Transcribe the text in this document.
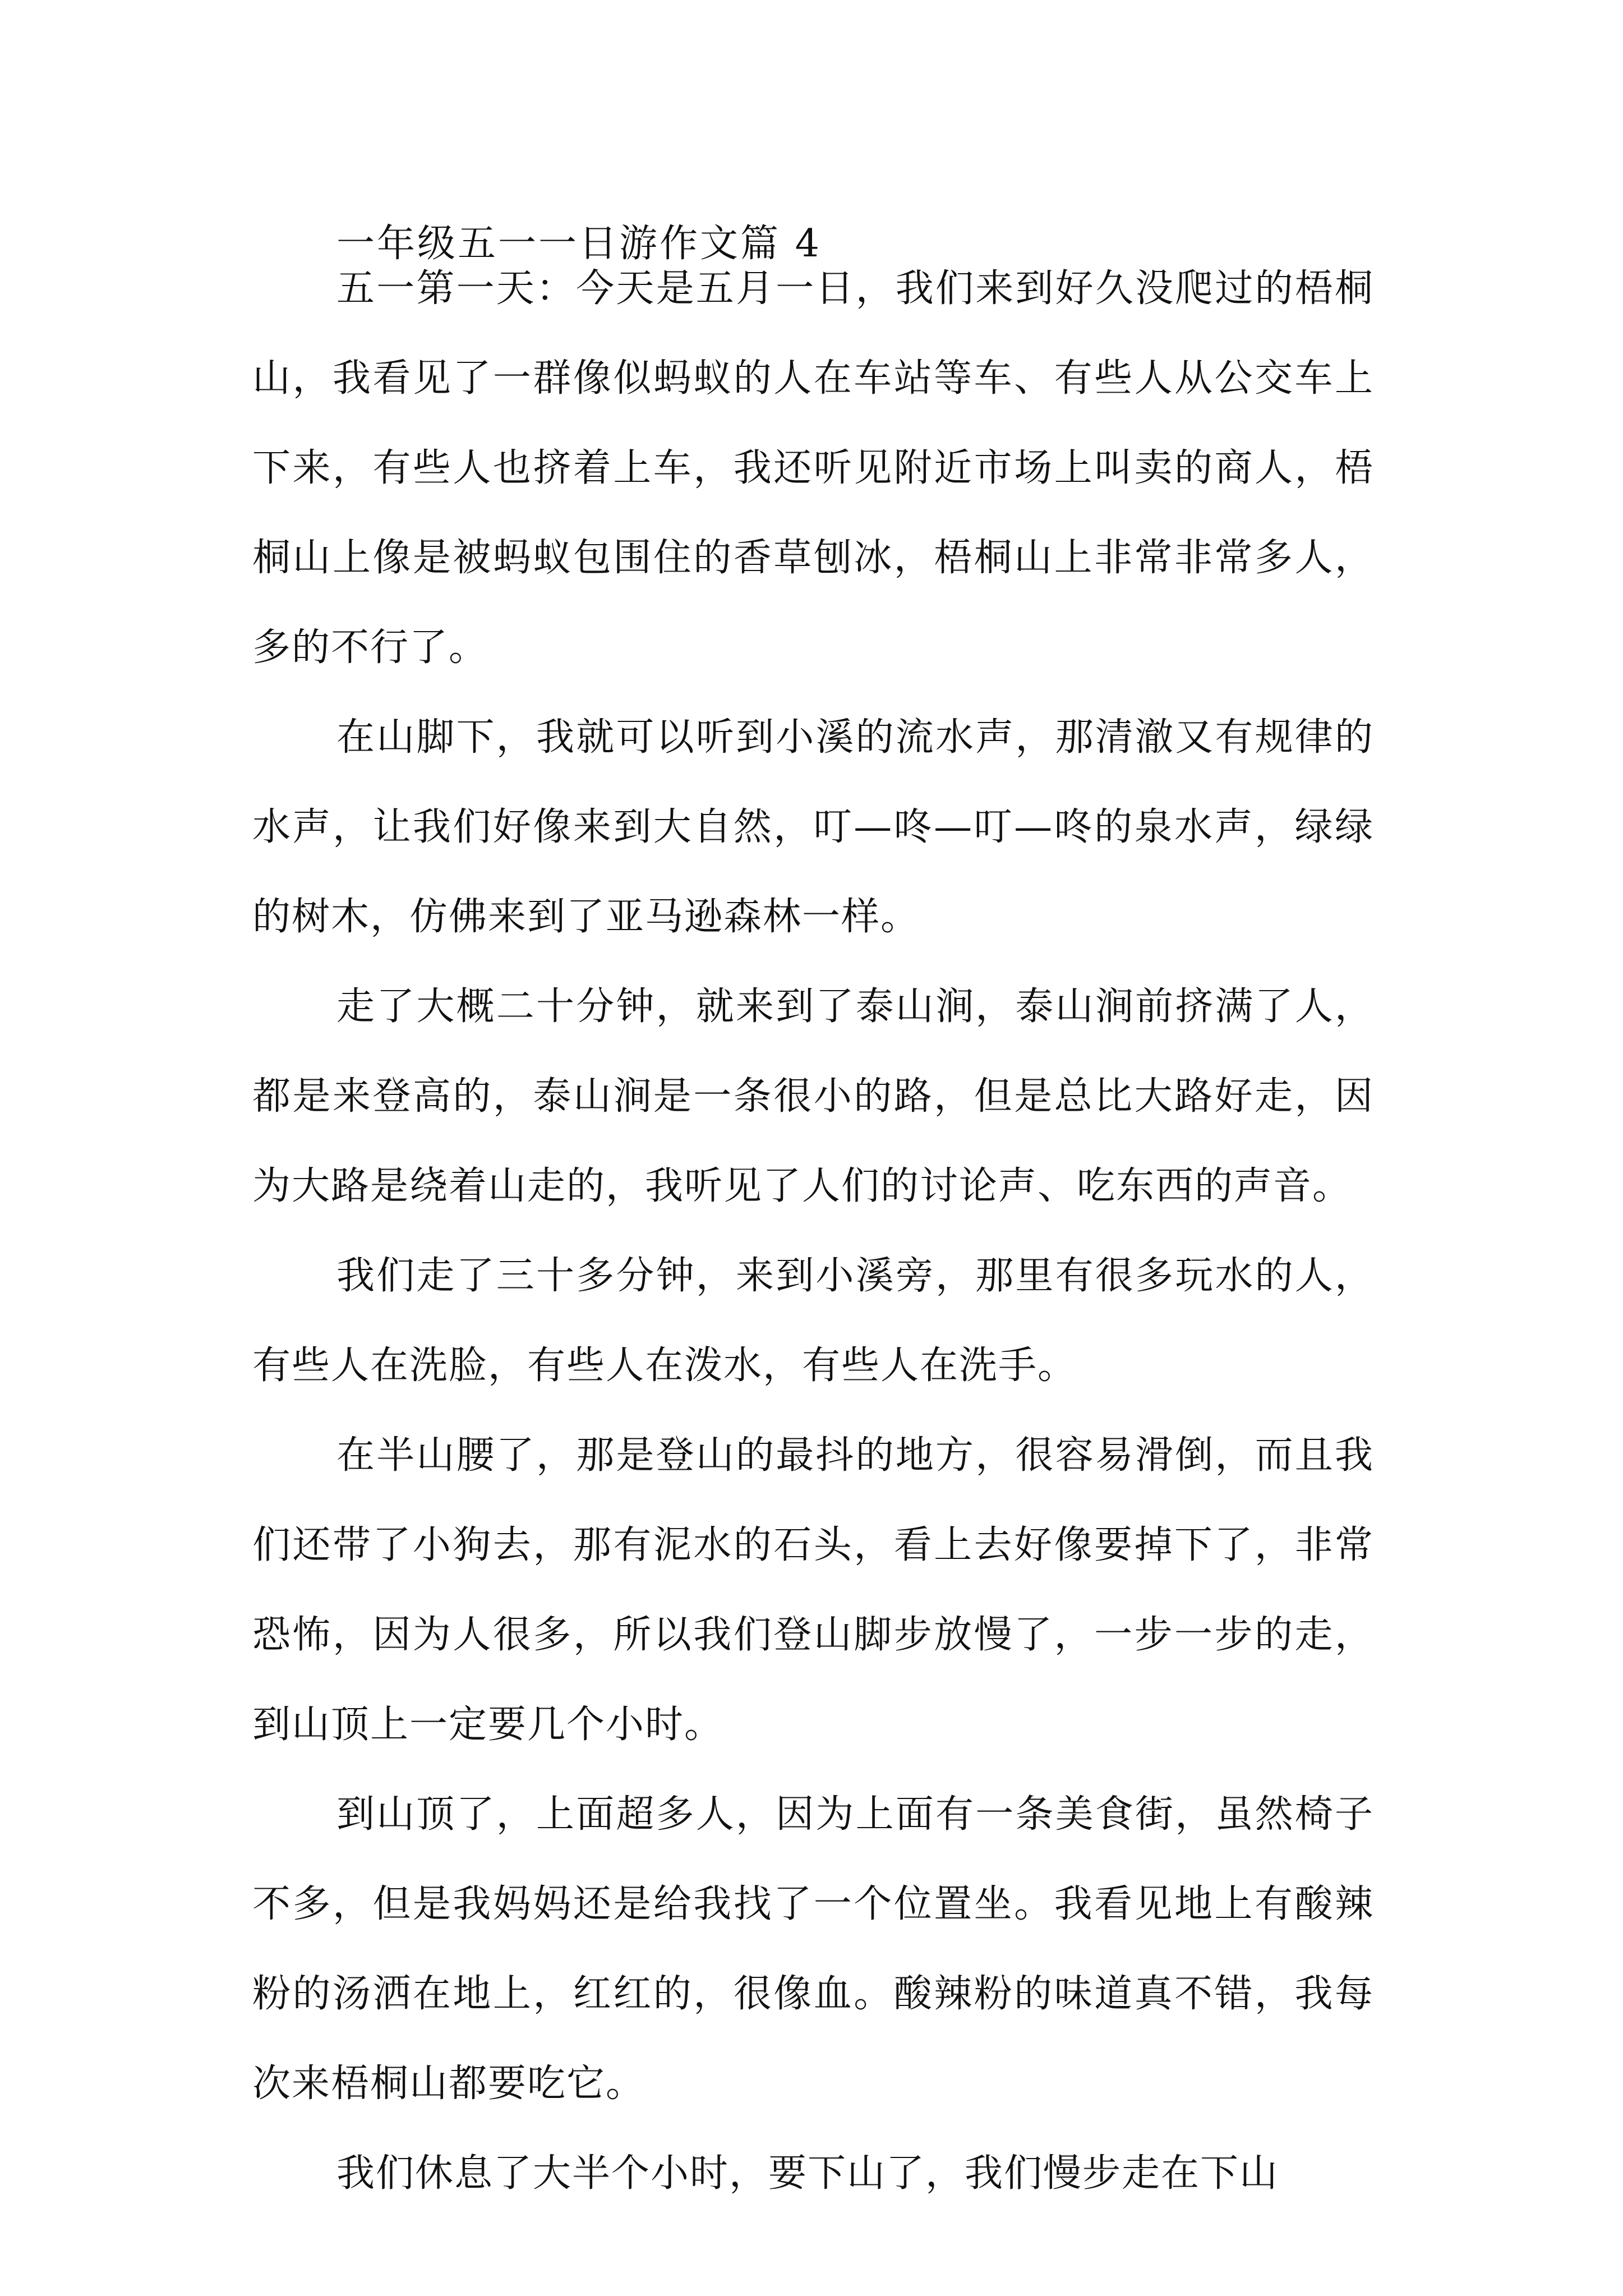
一年级五一一日游作文篇 4

五一第一天：今天是五月一日，我们来到好久没爬过的梧桐山，我看见了一群像似蚂蚁的人在车站等车、有些人从公交车上下来，有些人也挤着上车，我还听见附近市场上叫卖的商人，梧桐山上像是被蚂蚁包围住的香草刨冰，梧桐山上非常非常多人，多的不行了。

在山脚下，我就可以听到小溪的流水声，那清澈又有规律的水声，让我们好像来到大自然，叮—咚—叮—咚的泉水声，绿绿的树木，仿佛来到了亚马逊森林一样。

走了大概二十分钟，就来到了泰山涧，泰山涧前挤满了人，都是来登高的，泰山涧是一条很小的路，但是总比大路好走，因为大路是绕着山走的，我听见了人们的讨论声、吃东西的声音。

我们走了三十多分钟，来到小溪旁，那里有很多玩水的人，有些人在洗脸，有些人在泼水，有些人在洗手。

在半山腰了，那是登山的最抖的地方，很容易滑倒，而且我们还带了小狗去，那有泥水的石头，看上去好像要掉下了，非常恐怖，因为人很多，所以我们登山脚步放慢了，一步一步的走，到山顶上一定要几个小时。

到山顶了，上面超多人，因为上面有一条美食街，虽然椅子不多，但是我妈妈还是给我找了一个位置坐。我看见地上有酸辣粉的汤洒在地上，红红的，很像血。酸辣粉的味道真不错，我每次来梧桐山都要吃它。

我们休息了大半个小时，要下山了，我们慢步走在下山
